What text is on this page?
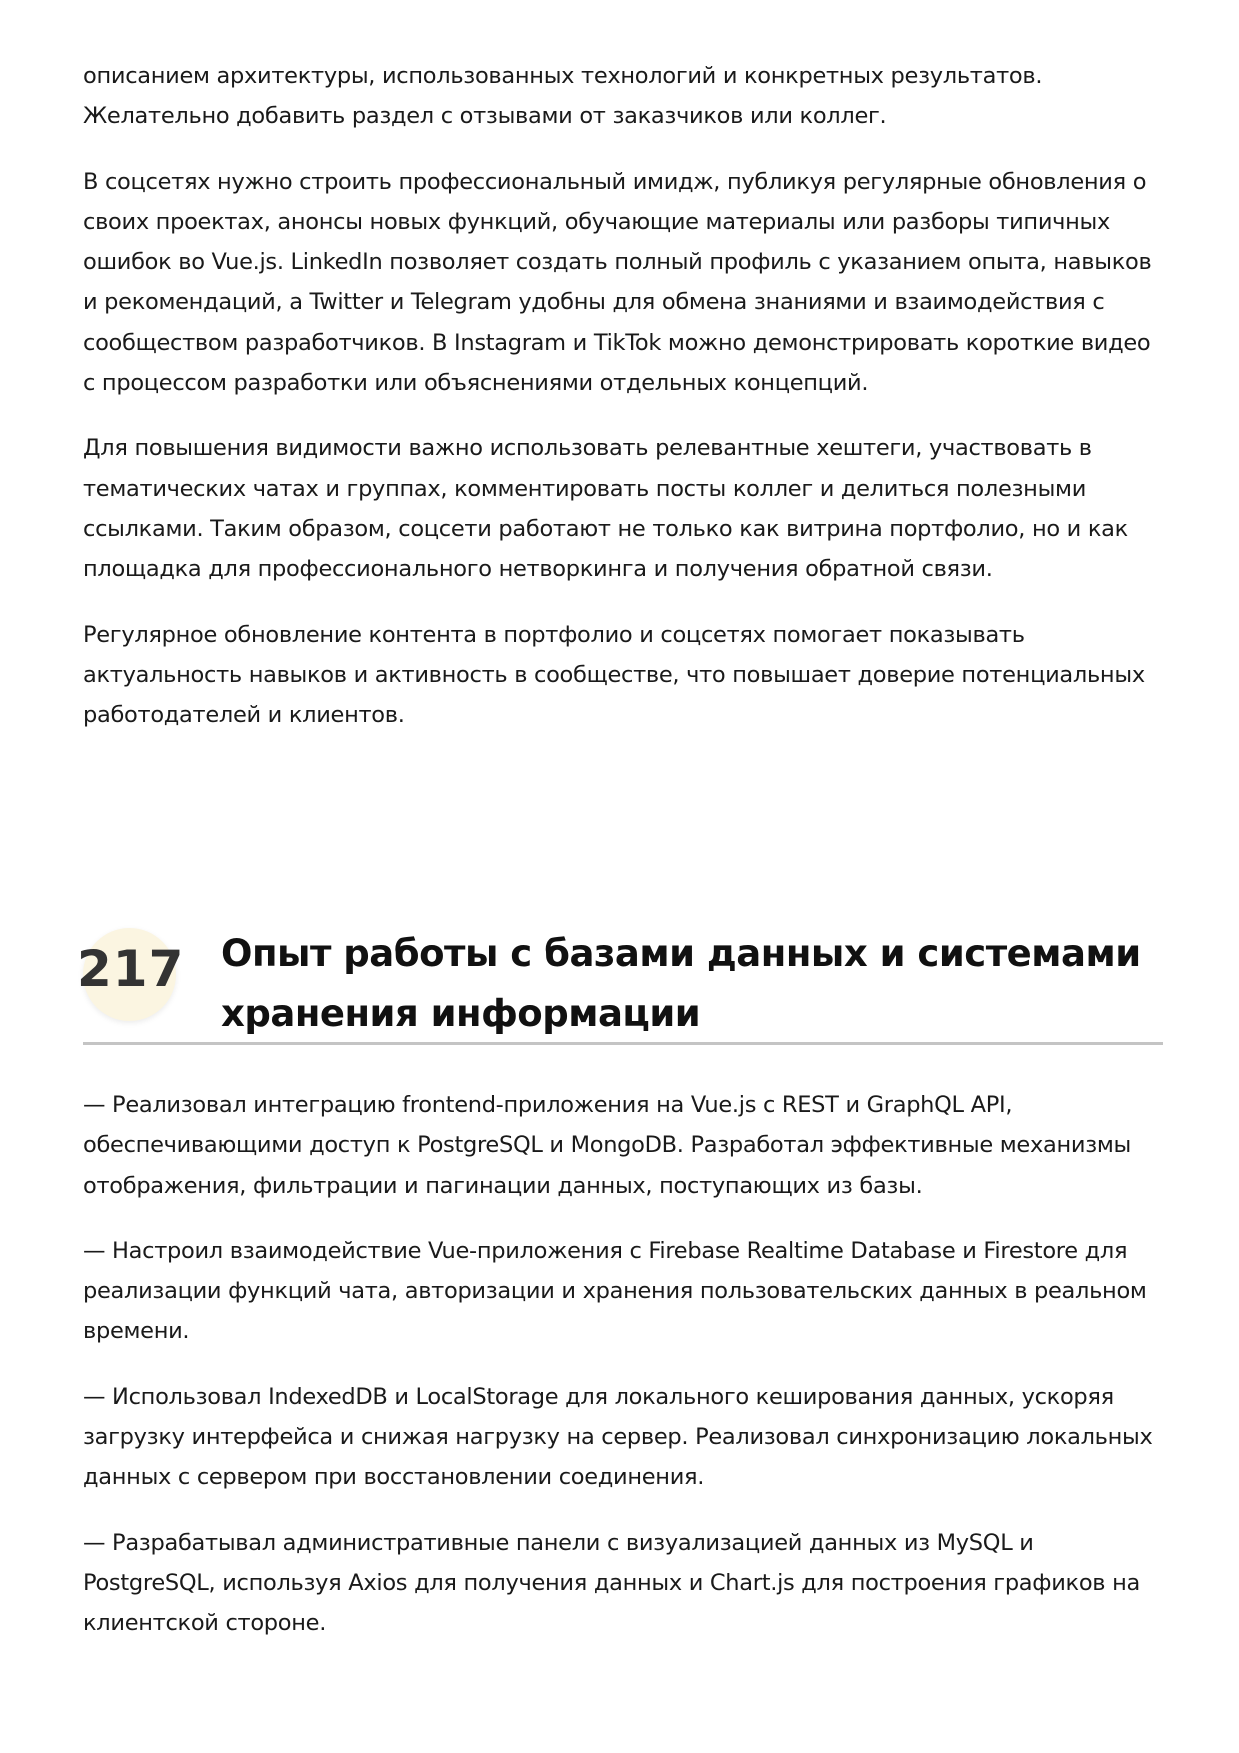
описанием архитектуры, использованных технологий и конкретных результатов.
Желательно добавить раздел с отзывами от заказчиков или коллег.

В соцсетях нужно строить профессиональный имидж, публикуя регулярные обновления о
своих проектах, анонсы новых функций, обучающие материалы или разборы типичных
ошибок во Vue.js. LinkedIn позволяет создать полный профиль с указанием опыта, навыков
и рекомендаций, а Twitter и Telegram удобны для обмена знаниями и взаимодействия с
сообществом разработчиков. В Instagram и TikTok можно демонстрировать короткие видео
с процессом разработки или объяснениями отдельных концепций.

Для повышения видимости важно использовать релевантные хештеги, участвовать в
тематических чатах и группах, комментировать посты коллег и делиться полезными
ссылками. Таким образом, соцсети работают не только как витрина портфолио, но и как
площадка для профессионального нетворкинга и получения обратной связи.

Регулярное обновление контента в портфолио и соцсетях помогает показывать
актуальность навыков и активность в сообществе, что повышает доверие потенциальных
работодателей и клиентов.

217 Опыт работы с базами данных и системами
хранения информации

— Реализовал интеграцию frontend-приложения на Vue.js с REST и GraphQL API,
обеспечивающими доступ к PostgreSQL и MongoDB. Разработал эффективные механизмы
отображения, фильтрации и пагинации данных, поступающих из базы.

— Настроил взаимодействие Vue-приложения с Firebase Realtime Database и Firestore для
реализации функций чата, авторизации и хранения пользовательских данных в реальном
времени.

— Использовал IndexedDB и LocalStorage для локального кеширования данных, ускоряя
загрузку интерфейса и снижая нагрузку на сервер. Реализовал синхронизацию локальных
данных с сервером при восстановлении соединения.

— Разрабатывал административные панели с визуализацией данных из MySQL и
PostgreSQL, используя Axios для получения данных и Chart.js для построения графиков на
клиентской стороне.
